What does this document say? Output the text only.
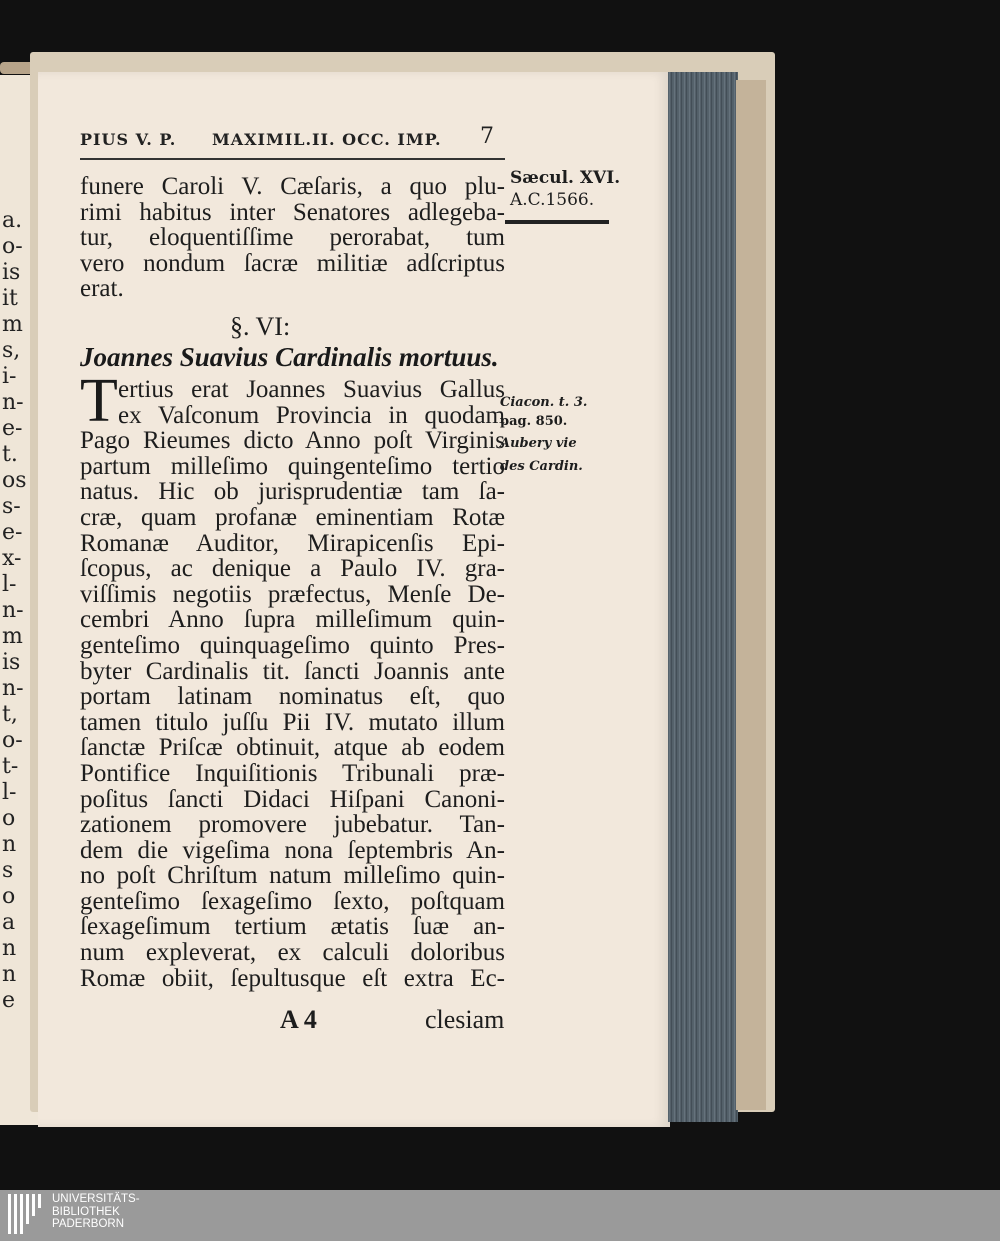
a.
o-
is
it
m
s,
i-
n-
e-
t.
os
s-
e-
x-
l-
n-
m
is
n-
t,
o-
t-
l-
o
n
s
o
a
n
n
e
PIUS V. P. MAXIMIL.II. OCC. IMP. 7
Sæcul. XVI.
A.C.1566.
funere Caroli V. Cæſaris, a quo plu-
rimi habitus inter Senatores adlegeba-
tur, eloquentiſſime perorabat, tum
vero nondum ſacræ militiæ adſcriptus
erat.
§. VI:
Joannes Suavius Cardinalis mortuus.
T ertius erat Joannes Suavius Gallus
ex Vaſconum Provincia in quodam
Pago Rieumes dicto Anno poſt Virginis
partum milleſimo quingenteſimo tertio
natus. Hic ob jurisprudentiæ tam ſa-
cræ, quam profanæ eminentiam Rotæ
Romanæ Auditor, Mirapicenſis Epi-
ſcopus, ac denique a Paulo IV. gra-
viſſimis negotiis præfectus, Menſe De-
cembri Anno ſupra milleſimum quin-
genteſimo quinquageſimo quinto Pres-
byter Cardinalis tit. ſancti Joannis ante
portam latinam nominatus eſt, quo
tamen titulo juſſu Pii IV. mutato illum
ſanctæ Priſcæ obtinuit, atque ab eodem
Pontifice Inquiſitionis Tribunali præ-
poſitus ſancti Didaci Hiſpani Canoni-
zationem promovere jubebatur. Tan-
dem die vigeſima nona ſeptembris An-
no poſt Chriſtum natum milleſimo quin-
genteſimo ſexageſimo ſexto, poſtquam
ſexageſimum tertium ætatis ſuæ an-
num expleverat, ex calculi doloribus
Romæ obiit, ſepultusque eſt extra Ec-
Ciacon. t. 3.
pag. 850.
Aubery vie
des Cardin.
A 4	clesiam
UNIVERSITÄTS-
BIBLIOTHEK
PADERBORN
